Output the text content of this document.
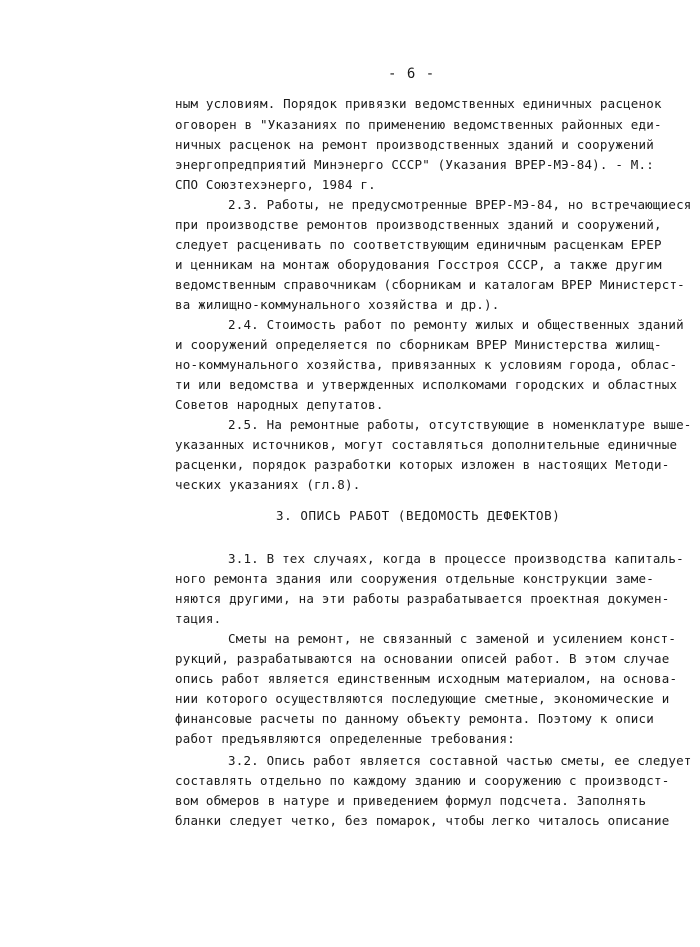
- 6 -
ным условиям. Порядок привязки ведомственных единичных расценок
оговорен в "Указаниях по применению ведомственных районных еди-
ничных расценок на ремонт производственных зданий и сооружений
энергопредприятий Минэнерго СССР" (Указания ВРЕР-МЭ-84). - М.:
СПО Союзтехэнерго, 1984 г.
2.3. Работы, не предусмотренные ВРЕР-МЭ-84, но встречающиеся
при производстве ремонтов производственных зданий и сооружений,
следует расценивать по соответствующим единичным расценкам ЕРЕР
и ценникам на монтаж оборудования Госстроя СССР, а также другим
ведомственным справочникам (сборникам и каталогам ВРЕР Министерст-
ва жилищно-коммунального хозяйства и др.).
2.4. Стоимость работ по ремонту жилых и общественных зданий
и сооружений определяется по сборникам ВРЕР Министерства жилищ-
но-коммунального хозяйства, привязанных к условиям города, облас-
ти или ведомства и утвержденных исполкомами городских и областных
Советов народных депутатов.
2.5. На ремонтные работы, отсутствующие в номенклатуре выше-
указанных источников, могут составляться дополнительные единичные
расценки, порядок разработки которых изложен в настоящих Методи-
ческих указаниях (гл.8).
3. ОПИСЬ РАБОТ (ВЕДОМОСТЬ ДЕФЕКТОВ)
3.1. В тех случаях, когда в процессе производства капиталь-
ного ремонта здания или сооружения отдельные конструкции заме-
няются другими, на эти работы разрабатывается проектная докумен-
тация.
Сметы на ремонт, не связанный с заменой и усилением конст-
рукций, разрабатываются на основании описей работ. В этом случае
опись работ является единственным исходным материалом, на основа-
нии которого осуществляются последующие сметные, экономические и
финансовые расчеты по данному объекту ремонта. Поэтому к описи
работ предъявляются определенные требования:
3.2. Опись работ является составной частью сметы, ее следует
составлять отдельно по каждому зданию и сооружению с производст-
вом обмеров в натуре и приведением формул подсчета. Заполнять
бланки следует четко, без помарок, чтобы легко читалось описание
